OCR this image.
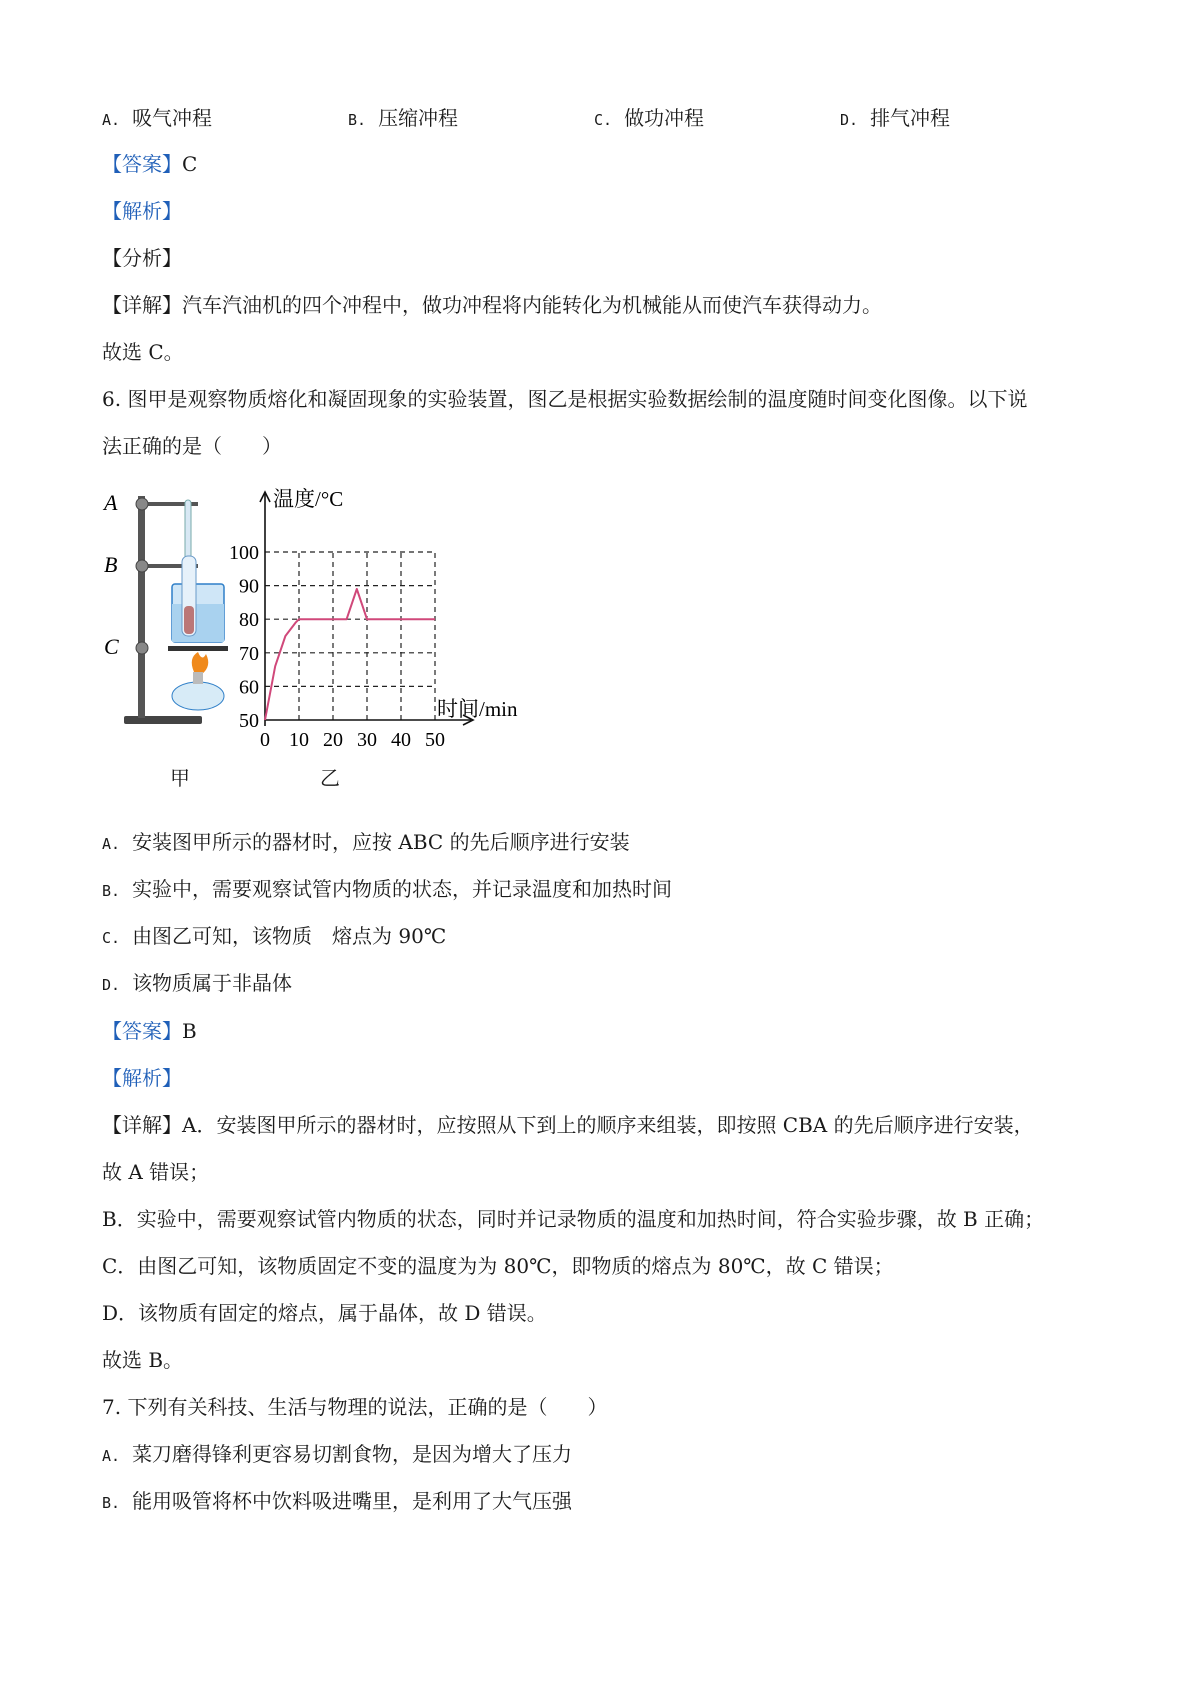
A. 吸气冲程	B. 压缩冲程	C. 做功冲程	D. 排气冲程
【答案】C
【解析】
【分析】
【详解】汽车汽油机的四个冲程中，做功冲程将内能转化为机械能从而使汽车获得动力。
故选 C。
6. 图甲是观察物质熔化和凝固现象的实验装置，图乙是根据实验数据绘制的温度随时间变化图像。以下说
法正确的是（　　）
A
B
C
50
60
70
80
90
100
0 10 20 30 40 50
温度/°C
时间/min
甲	乙
A. 安装图甲所示的器材时，应按 ABC 的先后顺序进行安装
B. 实验中，需要观察试管内物质的状态，并记录温度和加热时间
C. 由图乙可知，该物质　熔点为 90℃
D. 该物质属于非晶体
【答案】B
【解析】
【详解】A．安装图甲所示的器材时，应按照从下到上的顺序来组装，即按照 CBA 的先后顺序进行安装，
故 A 错误；
B．实验中，需要观察试管内物质的状态，同时并记录物质的温度和加热时间，符合实验步骤，故 B 正确；
C．由图乙可知，该物质固定不变的温度为为 80℃，即物质的熔点为 80℃，故 C 错误；
D．该物质有固定的熔点，属于晶体，故 D 错误。
故选 B。
7. 下列有关科技、生活与物理的说法，正确的是（　　）
A. 菜刀磨得锋利更容易切割食物，是因为增大了压力
B. 能用吸管将杯中饮料吸进嘴里，是利用了大气压强
